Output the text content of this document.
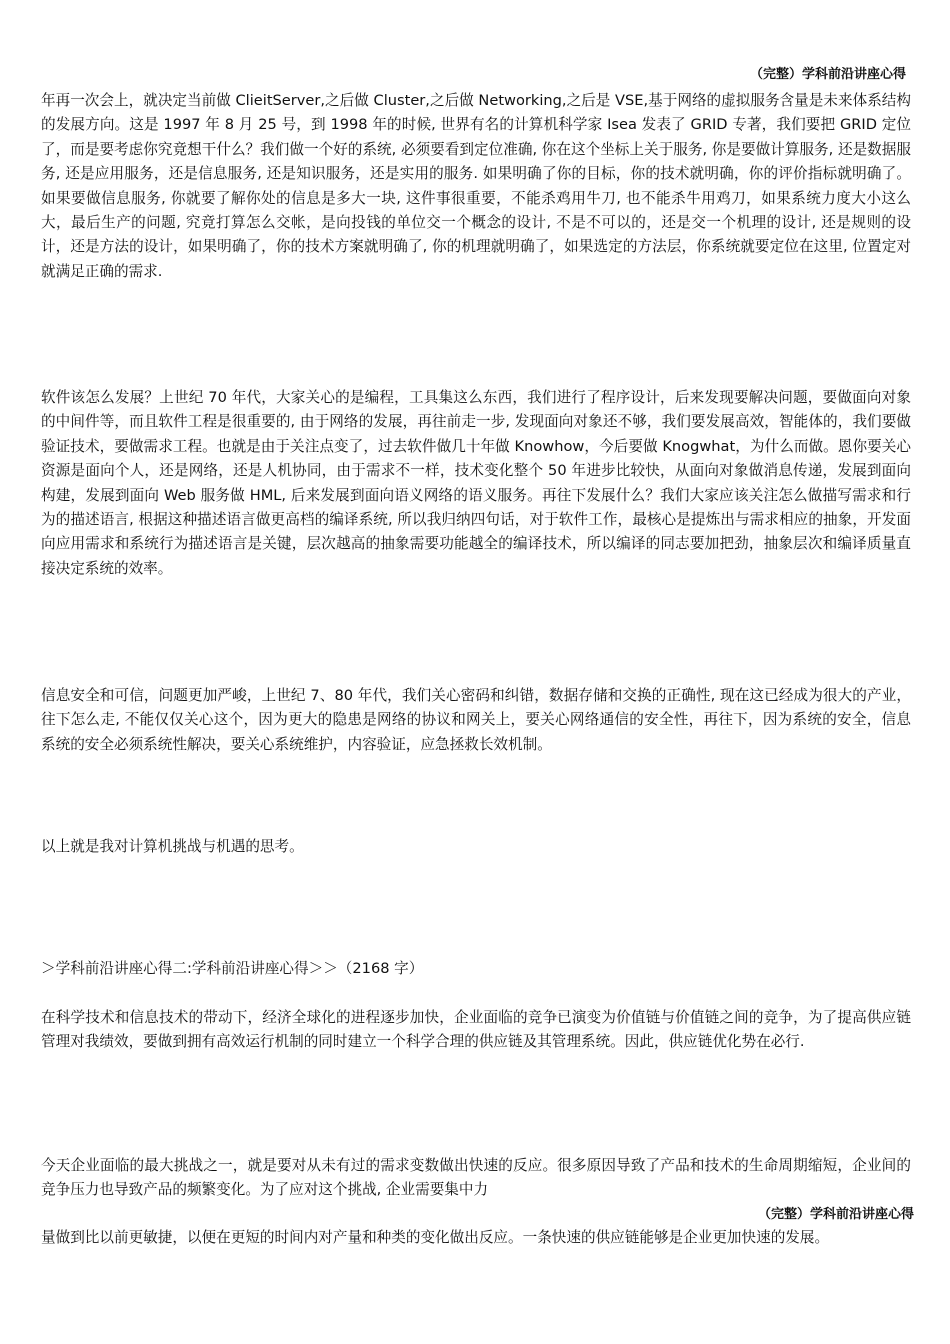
（完整）学科前沿讲座心得

年再一次会上，就决定当前做 ClieitServer,之后做 Cluster,之后做 Networking,之后是 VSE,基于网络的虚拟服务含量是未来体系结构的发展方向。这是 1997 年 8 月 25 号，到 1998 年的时候, 世界有名的计算机科学家 Isea 发表了 GRID 专著，我们要把 GRID 定位了，而是要考虑你究竟想干什么？我们做一个好的系统, 必须要看到定位准确, 你在这个坐标上关于服务, 你是要做计算服务, 还是数据服务, 还是应用服务，还是信息服务, 还是知识服务，还是实用的服务. 如果明确了你的目标，你的技术就明确，你的评价指标就明确了。如果要做信息服务, 你就要了解你处的信息是多大一块, 这件事很重要，不能杀鸡用牛刀, 也不能杀牛用鸡刀，如果系统力度大小这么大，最后生产的问题, 究竟打算怎么交帐，是向投钱的单位交一个概念的设计, 不是不可以的，还是交一个机理的设计, 还是规则的设计，还是方法的设计，如果明确了，你的技术方案就明确了, 你的机理就明确了，如果选定的方法层，你系统就要定位在这里, 位置定对就满足正确的需求.

软件该怎么发展？上世纪 70 年代，大家关心的是编程，工具集这么东西，我们进行了程序设计，后来发现要解决问题，要做面向对象的中间件等，而且软件工程是很重要的, 由于网络的发展，再往前走一步, 发现面向对象还不够，我们要发展高效，智能体的，我们要做验证技术，要做需求工程。也就是由于关注点变了，过去软件做几十年做 Knowhow，今后要做 Knogwhat，为什么而做。恩你要关心资源是面向个人，还是网络，还是人机协同，由于需求不一样，技术变化整个 50 年进步比较快，从面向对象做消息传递，发展到面向构建，发展到面向 Web 服务做 HML, 后来发展到面向语义网络的语义服务。再往下发展什么？我们大家应该关注怎么做描写需求和行为的描述语言, 根据这种描述语言做更高档的编译系统, 所以我归纳四句话，对于软件工作，最核心是提炼出与需求相应的抽象，开发面向应用需求和系统行为描述语言是关键，层次越高的抽象需要功能越全的编译技术，所以编译的同志要加把劲，抽象层次和编译质量直接决定系统的效率。

信息安全和可信，问题更加严峻，上世纪 7、80 年代，我们关心密码和纠错，数据存储和交换的正确性, 现在这已经成为很大的产业，往下怎么走, 不能仅仅关心这个，因为更大的隐患是网络的协议和网关上，要关心网络通信的安全性，再往下，因为系统的安全，信息系统的安全必须系统性解决，要关心系统维护，内容验证，应急拯救长效机制。

以上就是我对计算机挑战与机遇的思考。

＞学科前沿讲座心得二:学科前沿讲座心得＞＞（2168 字）

在科学技术和信息技术的带动下，经济全球化的进程逐步加快，企业面临的竞争已演变为价值链与价值链之间的竞争，为了提高供应链管理对我绩效，要做到拥有高效运行机制的同时建立一个科学合理的供应链及其管理系统。因此，供应链优化势在必行.

今天企业面临的最大挑战之一，就是要对从未有过的需求变数做出快速的反应。很多原因导致了产品和技术的生命周期缩短，企业间的竞争压力也导致产品的频繁变化。为了应对这个挑战, 企业需要集中力

（完整）学科前沿讲座心得

量做到比以前更敏捷，以便在更短的时间内对产量和种类的变化做出反应。一条快速的供应链能够是企业更加快速的发展。
